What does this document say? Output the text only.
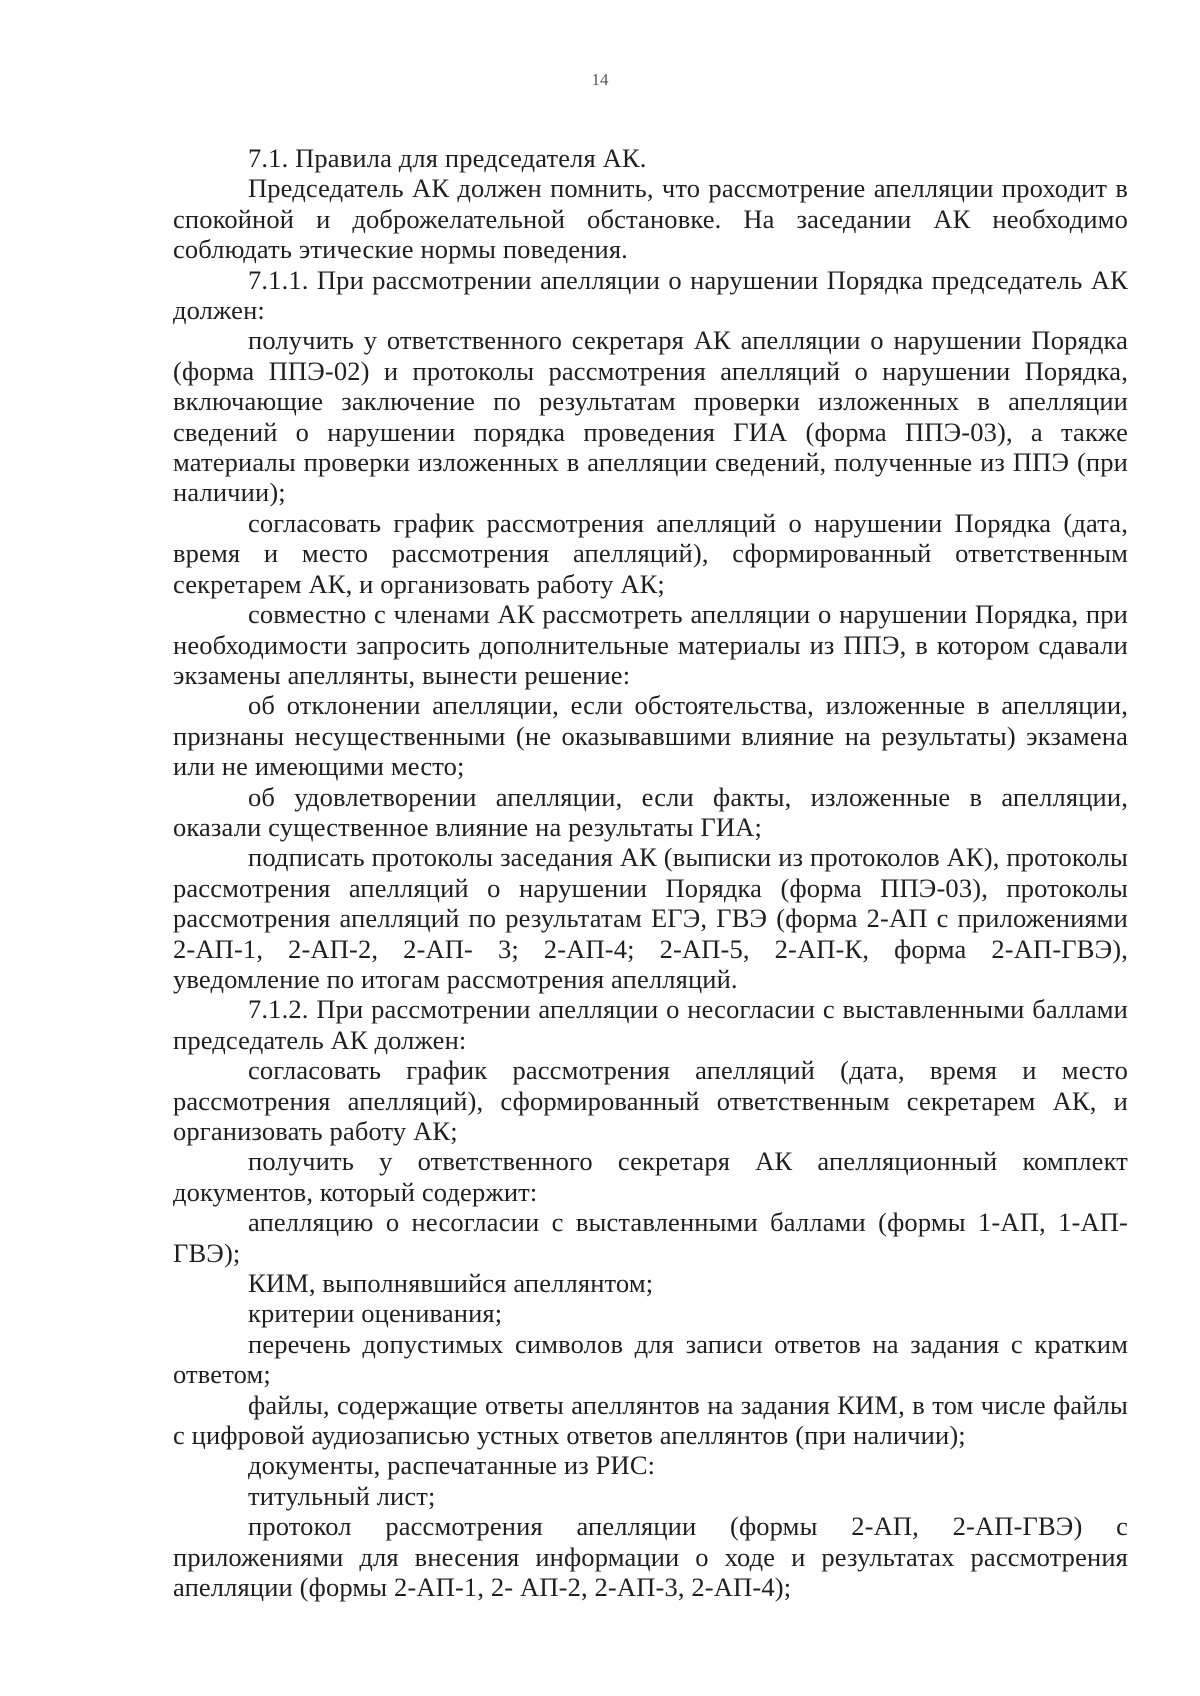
14

7.1. Правила для председателя АК.

Председатель АК должен помнить, что рассмотрение апелляции проходит в спокойной и доброжелательной обстановке. На заседании АК необходимо соблюдать этические нормы поведения.

7.1.1. При рассмотрении апелляции о нарушении Порядка председатель АК должен:

получить у ответственного секретаря АК апелляции о нарушении Порядка (форма ППЭ-02) и протоколы рассмотрения апелляций о нарушении Порядка, включающие заключение по результатам проверки изложенных в апелляции сведений о нарушении порядка проведения ГИА (форма ППЭ-03), а также материалы проверки изложенных в апелляции сведений, полученные из ППЭ (при наличии);

согласовать график рассмотрения апелляций о нарушении Порядка (дата, время и место рассмотрения апелляций), сформированный ответственным секретарем АК, и организовать работу АК;

совместно с членами АК рассмотреть апелляции о нарушении Порядка, при необходимости запросить дополнительные материалы из ППЭ, в котором сдавали экзамены апеллянты, вынести решение:

об отклонении апелляции, если обстоятельства, изложенные в апелляции, признаны несущественными (не оказывавшими влияние на результаты) экзамена или не имеющими место;

об удовлетворении апелляции, если факты, изложенные в апелляции, оказали существенное влияние на результаты ГИА;

подписать протоколы заседания АК (выписки из протоколов АК), протоколы рассмотрения апелляций о нарушении Порядка (форма ППЭ-03), протоколы рассмотрения апелляций по результатам ЕГЭ, ГВЭ (форма 2-АП с приложениями 2-АП-1, 2-АП-2, 2-АП- 3; 2-АП-4; 2-АП-5, 2-АП-К, форма 2-АП-ГВЭ), уведомление по итогам рассмотрения апелляций.

7.1.2. При рассмотрении апелляции о несогласии с выставленными баллами председатель АК должен:

согласовать график рассмотрения апелляций (дата, время и место рассмотрения апелляций), сформированный ответственным секретарем АК, и организовать работу АК;

получить у ответственного секретаря АК апелляционный комплект документов, который содержит:

апелляцию о несогласии с выставленными баллами (формы 1-АП, 1-АП-ГВЭ);

КИМ, выполнявшийся апеллянтом;

критерии оценивания;

перечень допустимых символов для записи ответов на задания с кратким ответом;

файлы, содержащие ответы апеллянтов на задания КИМ, в том числе файлы с цифровой аудиозаписью устных ответов апеллянтов (при наличии);

документы, распечатанные из РИС:

титульный лист;

протокол рассмотрения апелляции (формы 2-АП, 2-АП-ГВЭ) с приложениями для внесения информации о ходе и результатах рассмотрения апелляции (формы 2-АП-1, 2- АП-2, 2-АП-3, 2-АП-4);
